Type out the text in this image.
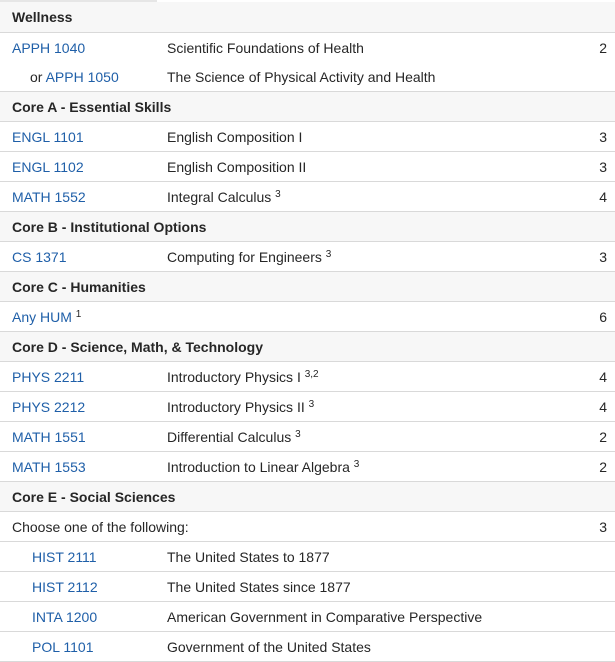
Wellness		
APPH 1040	Scientific Foundations of Health	2
or APPH 1050	The Science of Physical Activity and Health	
Core A - Essential Skills		
ENGL 1101	English Composition I	3
ENGL 1102	English Composition II	3
MATH 1552	Integral Calculus $^3$	4
Core B - Institutional Options		
CS 1371	Computing for Engineers $^3$	3
Core C - Humanities		
Any HUM $^1$		6
Core D - Science, Math, & Technology		
PHYS 2211	Introductory Physics I $^{3,2}$	4
PHYS 2212	Introductory Physics II $^3$	4
MATH 1551	Differential Calculus $^3$	2
MATH 1553	Introduction to Linear Algebra $^3$	2
Core E - Social Sciences		
Choose one of the following:		3
HIST 2111	The United States to 1877	
HIST 2112	The United States since 1877	
INTA 1200	American Government in Comparative Perspective	
POL 1101	Government of the United States	
